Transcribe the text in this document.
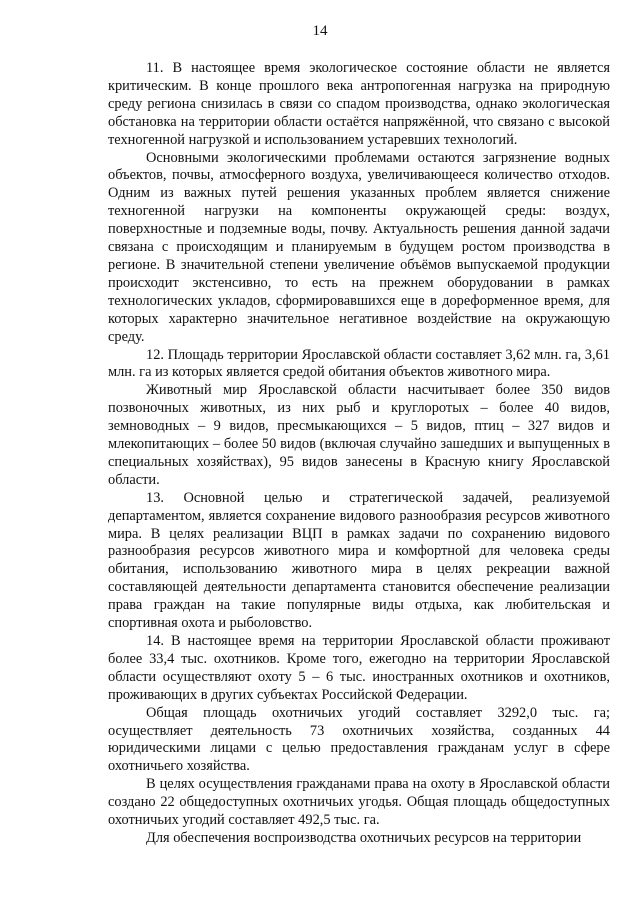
14

11. В настоящее время экологическое состояние области не является критическим. В конце прошлого века антропогенная нагрузка на природную среду региона снизилась в связи со спадом производства, однако экологическая обстановка на территории области остаётся напряжённой, что связано с высокой техногенной нагрузкой и использованием устаревших технологий.

Основными экологическими проблемами остаются загрязнение водных объектов, почвы, атмосферного воздуха, увеличивающееся количество отходов. Одним из важных путей решения указанных проблем является снижение техногенной нагрузки на компоненты окружающей среды: воздух, поверхностные и подземные воды, почву. Актуальность решения данной задачи связана с происходящим и планируемым в будущем ростом производства в регионе. В значительной степени увеличение объёмов выпускаемой продукции происходит экстенсивно, то есть на прежнем оборудовании в рамках технологических укладов, сформировавшихся еще в дореформенное время, для которых характерно значительное негативное воздействие на окружающую среду.

12. Площадь территории Ярославской области составляет 3,62 млн. га, 3,61 млн. га из которых является средой обитания объектов животного мира.

Животный мир Ярославской области насчитывает более 350 видов позвоночных животных, из них рыб и круглоротых – более 40 видов, земноводных – 9 видов, пресмыкающихся – 5 видов, птиц – 327 видов и млекопитающих – более 50 видов (включая случайно зашедших и выпущенных в специальных хозяйствах), 95 видов занесены в Красную книгу Ярославской области.

13. Основной целью и стратегической задачей, реализуемой департаментом, является сохранение видового разнообразия ресурсов животного мира. В целях реализации ВЦП в рамках задачи по сохранению видового разнообразия ресурсов животного мира и комфортной для человека среды обитания, использованию животного мира в целях рекреации важной составляющей деятельности департамента становится обеспечение реализации права граждан на такие популярные виды отдыха, как любительская и спортивная охота и рыболовство.

14. В настоящее время на территории Ярославской области проживают более 33,4 тыс. охотников. Кроме того, ежегодно на территории Ярославской области осуществляют охоту 5 – 6 тыс. иностранных охотников и охотников, проживающих в других субъектах Российской Федерации.

Общая площадь охотничьих угодий составляет 3292,0 тыс. га; осуществляет деятельность 73 охотничьих хозяйства, созданных 44 юридическими лицами с целью предоставления гражданам услуг в сфере охотничьего хозяйства.

В целях осуществления гражданами права на охоту в Ярославской области создано 22 общедоступных охотничьих угодья. Общая площадь общедоступных охотничьих угодий составляет 492,5 тыс. га.

Для обеспечения воспроизводства охотничьих ресурсов на территории
